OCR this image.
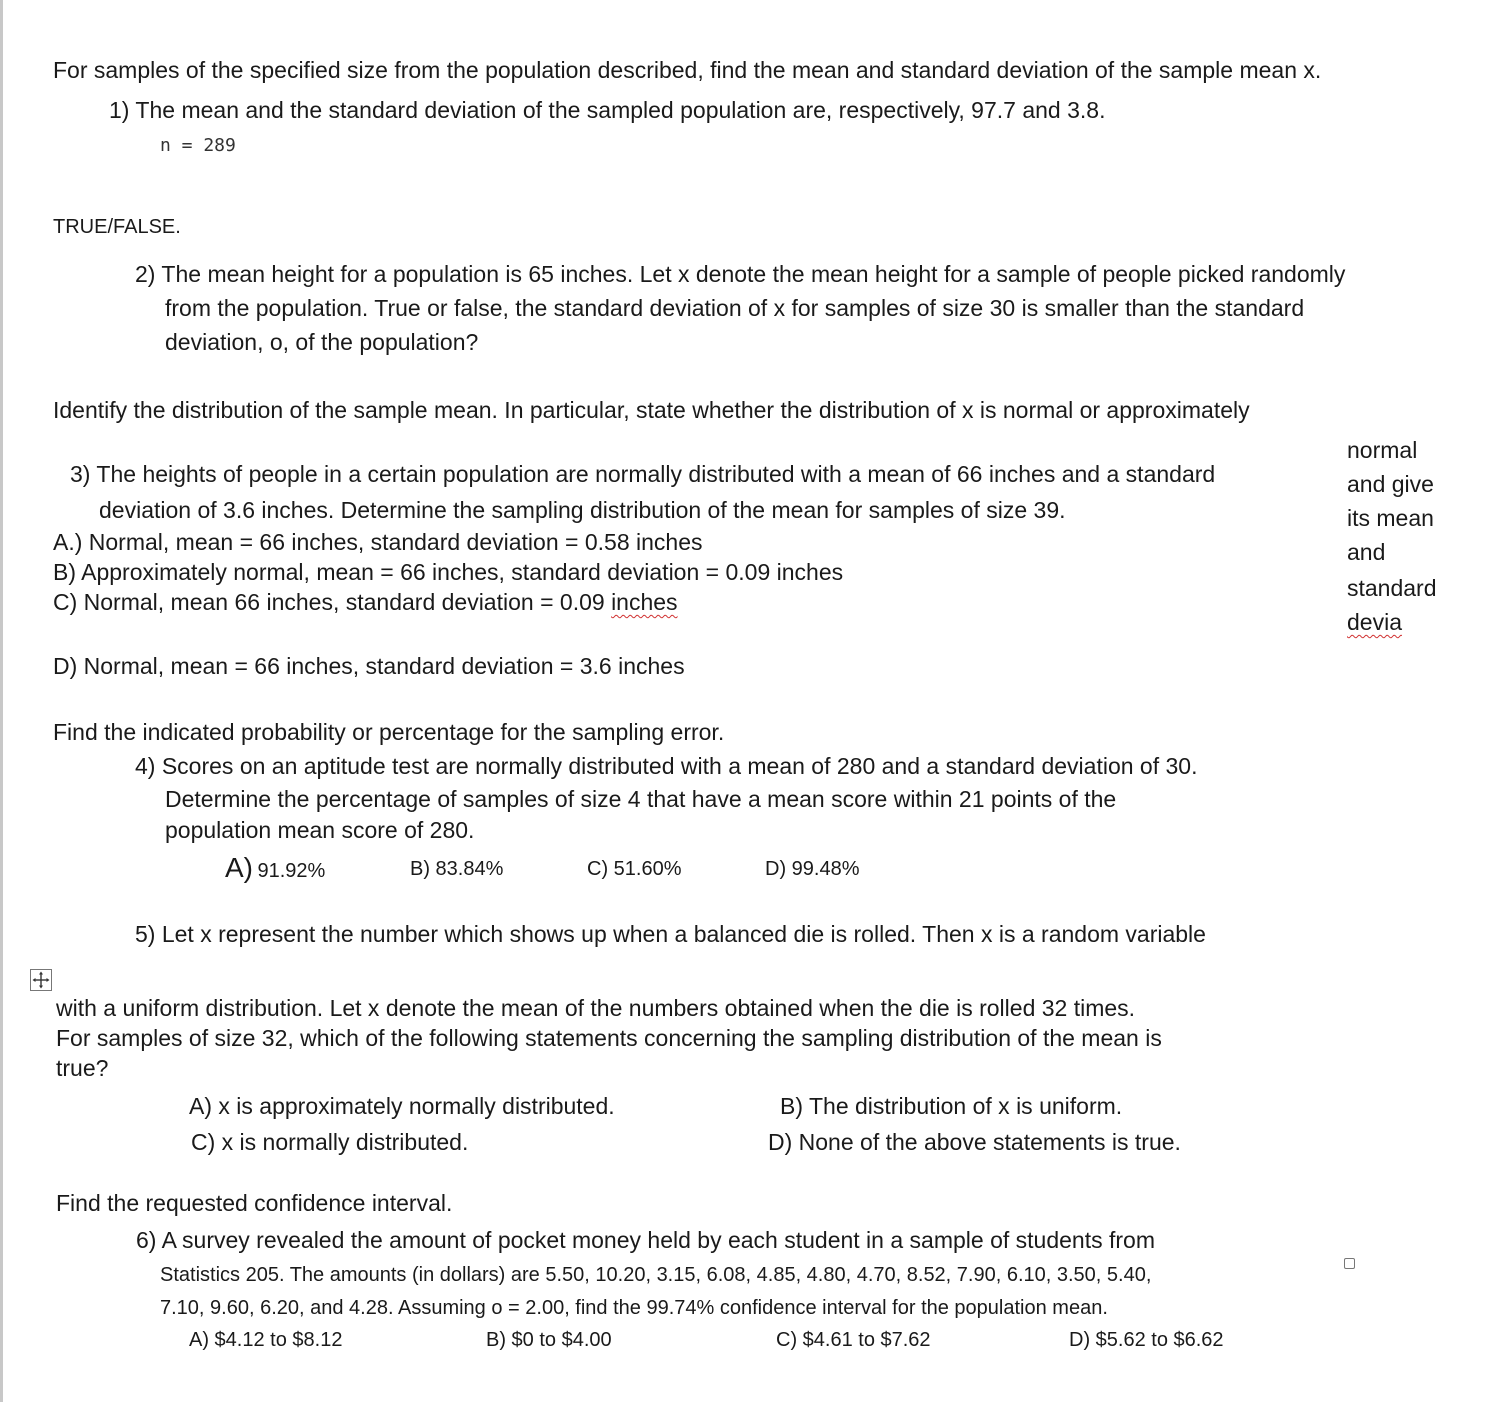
For samples of the specified size from the population described, find the mean and standard deviation of the sample mean x.
1) The mean and the standard deviation of the sampled population are, respectively, 97.7 and 3.8.
n = 289
TRUE/FALSE.
2) The mean height for a population is 65 inches. Let x denote the mean height for a sample of people picked randomly
from the population. True or false, the standard deviation of x for samples of size 30 is smaller than the standard
deviation, o, of the population?
Identify the distribution of the sample mean. In particular, state whether the distribution of x is normal or approximately
normal
and give
its mean
and
standard
devia
3) The heights of people in a certain population are normally distributed with a mean of 66 inches and a standard
deviation of 3.6 inches. Determine the sampling distribution of the mean for samples of size 39.
A.) Normal, mean = 66 inches, standard deviation = 0.58 inches
B) Approximately normal, mean = 66 inches, standard deviation = 0.09 inches
C) Normal, mean 66 inches, standard deviation = 0.09 inches
D) Normal, mean = 66 inches, standard deviation = 3.6 inches
Find the indicated probability or percentage for the sampling error.
4) Scores on an aptitude test are normally distributed with a mean of 280 and a standard deviation of 30.
Determine the percentage of samples of size 4 that have a mean score within 21 points of the
population mean score of 280.
A) 91.92%	B) 83.84%	C) 51.60%	D) 99.48%
5) Let x represent the number which shows up when a balanced die is rolled. Then x is a random variable
with a uniform distribution. Let x denote the mean of the numbers obtained when the die is rolled 32 times.
For samples of size 32, which of the following statements concerning the sampling distribution of the mean is
true?
A) x is approximately normally distributed.	B) The distribution of x is uniform.
C) x is normally distributed.	D) None of the above statements is true.
Find the requested confidence interval.
6) A survey revealed the amount of pocket money held by each student in a sample of students from
Statistics 205. The amounts (in dollars) are 5.50, 10.20, 3.15, 6.08, 4.85, 4.80, 4.70, 8.52, 7.90, 6.10, 3.50, 5.40,
7.10, 9.60, 6.20, and 4.28. Assuming o = 2.00, find the 99.74% confidence interval for the population mean.
A) $4.12 to $8.12	B) $0 to $4.00	C) $4.61 to $7.62	D) $5.62 to $6.62
